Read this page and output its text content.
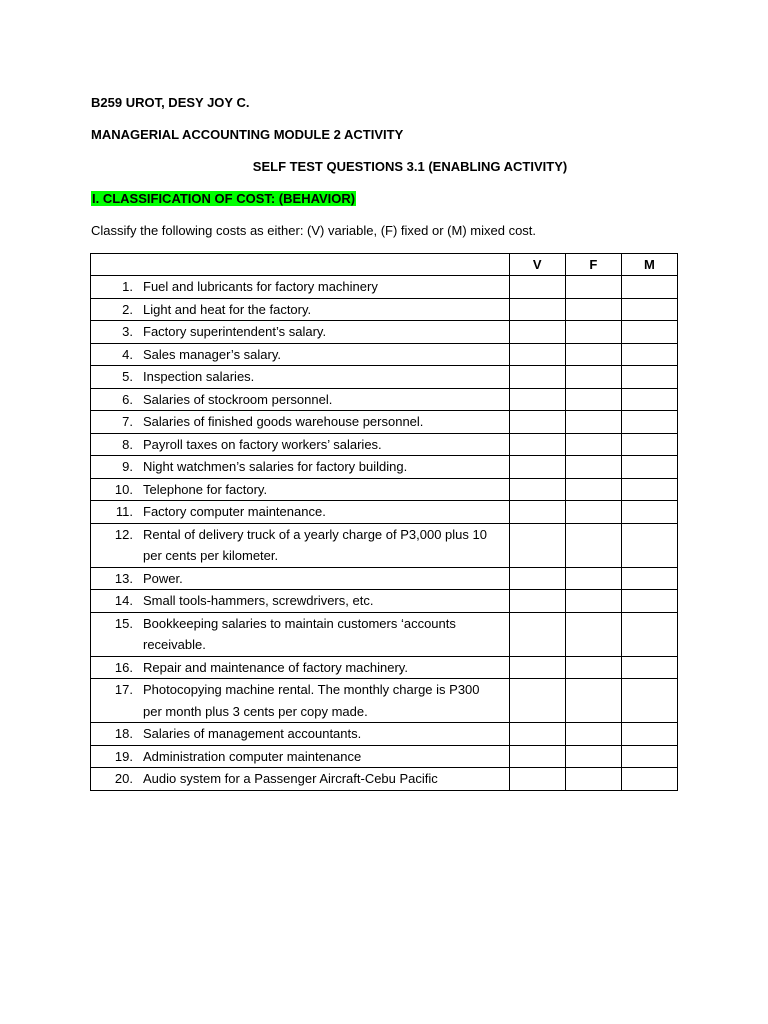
B259 UROT, DESY JOY C.
MANAGERIAL ACCOUNTING MODULE 2 ACTIVITY
SELF TEST QUESTIONS 3.1 (ENABLING ACTIVITY)
I. CLASSIFICATION OF COST: (BEHAVIOR)
Classify the following costs as either: (V) variable, (F) fixed or (M) mixed cost.
	V	F	M

1. Fuel and lubricants for factory machinery			

2. Light and heat for the factory.			

3. Factory superintendent’s salary.			

4. Sales manager’s salary.			

5. Inspection salaries.			

6. Salaries of stockroom personnel.			

7. Salaries of finished goods warehouse personnel.			

8. Payroll taxes on factory workers’ salaries.			

9. Night watchmen’s salaries for factory building.			

10. Telephone for factory.			

11. Factory computer maintenance.			

12. Rental of delivery truck of a yearly charge of P3,000 plus 10 per cents per kilometer.			

13. Power.			

14. Small tools-hammers, screwdrivers, etc.			

15. Bookkeeping salaries to maintain customers ‘accounts receivable.			

16. Repair and maintenance of factory machinery.			

17. Photocopying machine rental. The monthly charge is P300 per month plus 3 cents per copy made.			

18. Salaries of management accountants.			

19. Administration computer maintenance			

20. Audio system for a Passenger Aircraft-Cebu Pacific			
